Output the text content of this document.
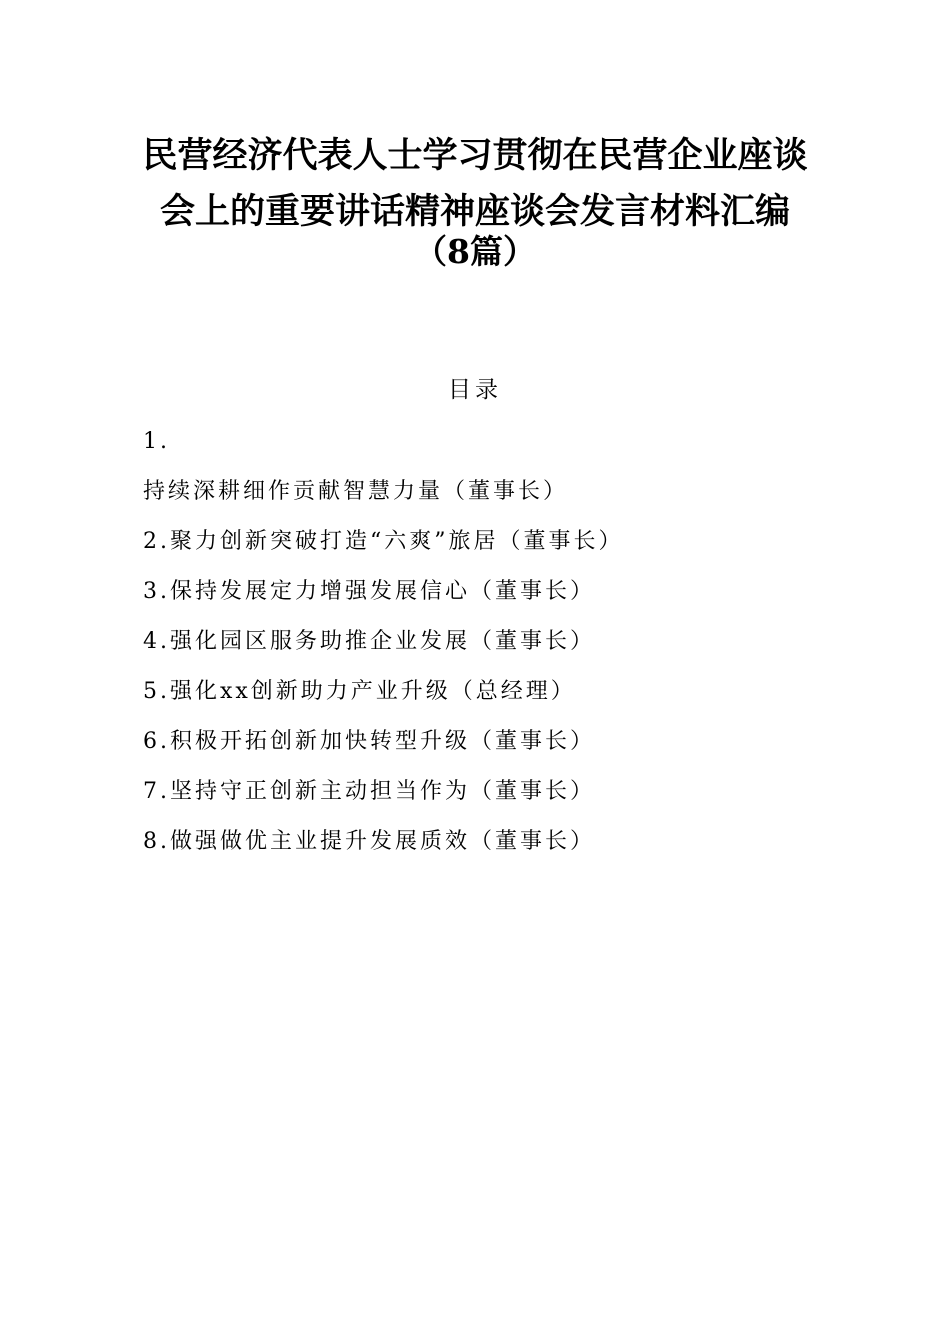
民营经济代表人士学习贯彻在民营企业座谈
会上的重要讲话精神座谈会发言材料汇编
（8篇）
目录
1.
持续深耕细作贡献智慧力量（董事长）
2.聚力创新突破打造“六爽”旅居（董事长）
3.保持发展定力增强发展信心（董事长）
4.强化园区服务助推企业发展（董事长）
5.强化xx创新助力产业升级（总经理）
6.积极开拓创新加快转型升级（董事长）
7.坚持守正创新主动担当作为（董事长）
8.做强做优主业提升发展质效（董事长）
